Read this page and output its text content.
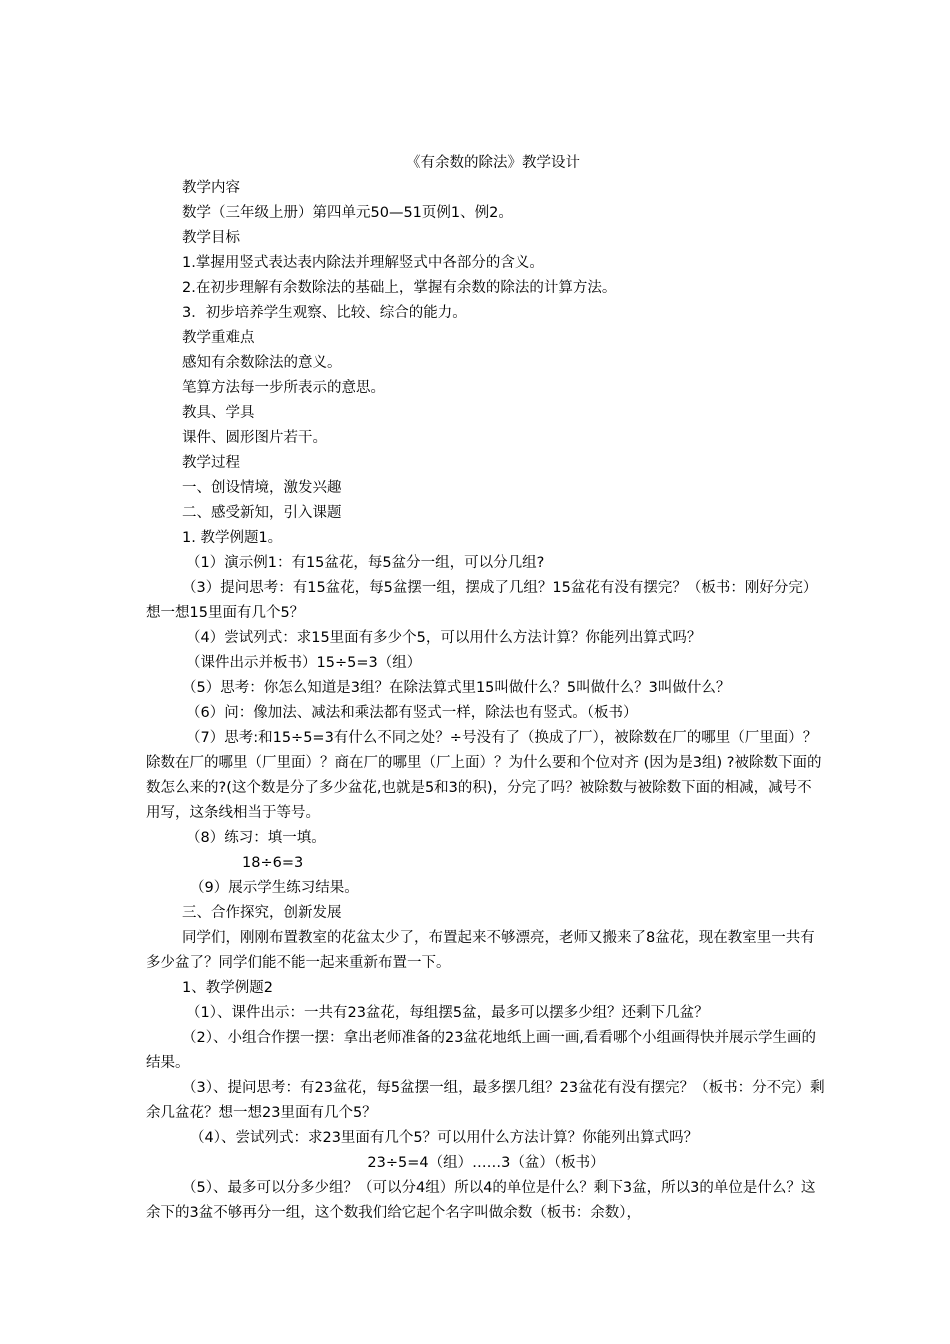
《有余数的除法》教学设计

教学内容

数学（三年级上册）第四单元50—51页例1、例2。

教学目标

1.掌握用竖式表达表内除法并理解竖式中各部分的含义。

2.在初步理解有余数除法的基础上，掌握有余数的除法的计算方法。

3．初步培养学生观察、比较、综合的能力。

教学重难点

感知有余数除法的意义。

笔算方法每一步所表示的意思。

教具、学具

课件、圆形图片若干。

教学过程

一、创设情境，激发兴趣

二、感受新知，引入课题

1. 教学例题1。

（1）演示例1：有15盆花，每5盆分一组，可以分几组?

（3）提问思考：有15盆花，每5盆摆一组，摆成了几组？15盆花有没有摆完？（板书：刚好分完）想一想15里面有几个5？

（4）尝试列式：求15里面有多少个5，可以用什么方法计算？你能列出算式吗？

（课件出示并板书）15÷5=3（组）

（5）思考：你怎么知道是3组？在除法算式里15叫做什么？5叫做什么？3叫做什么？

（6）问：像加法、减法和乘法都有竖式一样，除法也有竖式。（板书）

（7）思考:和15÷5=3有什么不同之处？÷号没有了（换成了厂），被除数在厂的哪里（厂里面）？除数在厂的哪里（厂里面）？商在厂的哪里（厂上面）？为什么要和个位对齐 (因为是3组) ?被除数下面的数怎么来的?(这个数是分了多少盆花,也就是5和3的积)，分完了吗？被除数与被除数下面的相减，减号不用写，这条线相当于等号。

（8）练习：填一填。

18÷6=3

（9）展示学生练习结果。

三、合作探究，创新发展

同学们，刚刚布置教室的花盆太少了，布置起来不够漂亮，老师又搬来了8盆花，现在教室里一共有多少盆了？同学们能不能一起来重新布置一下。

1、教学例题2

（1）、课件出示：一共有23盆花，每组摆5盆，最多可以摆多少组？还剩下几盆？

（2）、小组合作摆一摆：拿出老师准备的23盆花地纸上画一画,看看哪个小组画得快并展示学生画的结果。

（3）、提问思考：有23盆花，每5盆摆一组，最多摆几组？23盆花有没有摆完？（板书：分不完）剩余几盆花？想一想23里面有几个5？

（4）、尝试列式：求23里面有几个5？可以用什么方法计算？你能列出算式吗？

23÷5=4（组）……3（盆）（板书）

（5）、最多可以分多少组？（可以分4组）所以4的单位是什么？剩下3盆，所以3的单位是什么？这余下的3盆不够再分一组，这个数我们给它起个名字叫做余数（板书：余数），
